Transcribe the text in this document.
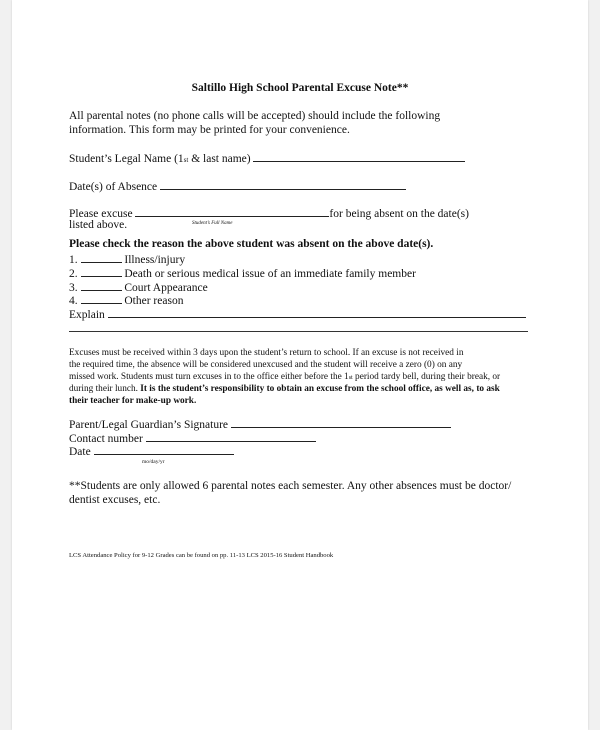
Saltillo High School Parental Excuse Note**
All parental notes (no phone calls will be accepted) should include the following
information. This form may be printed for your convenience.
Student’s Legal Name (1st & last name)
Date(s) of Absence
Please excuse	for being absent on the date(s)
Student’s Full Name
listed above.
Please check the reason the above student was absent on the above date(s).
1.	Illness/injury
2.	Death or serious medical issue of an immediate family member
3.	Court Appearance
4.	Other reason
Explain
Excuses must be received within 3 days upon the student’s return to school. If an excuse is not received in
the required time, the absence will be considered unexcused and the student will receive a zero (0) on any
missed work. Students must turn excuses in to the office either before the 1st period tardy bell, during their break, or
during their lunch. It is the student’s responsibility to obtain an excuse from the school office, as well as, to ask
their teacher for make-up work.
Parent/Legal Guardian’s Signature
Contact number
Date
mo/day/yr
**Students are only allowed 6 parental notes each semester. Any other absences must be doctor/
dentist excuses, etc.
LCS Attendance Policy for 9-12 Grades can be found on pp. 11-13 LCS 2015-16 Student Handbook
